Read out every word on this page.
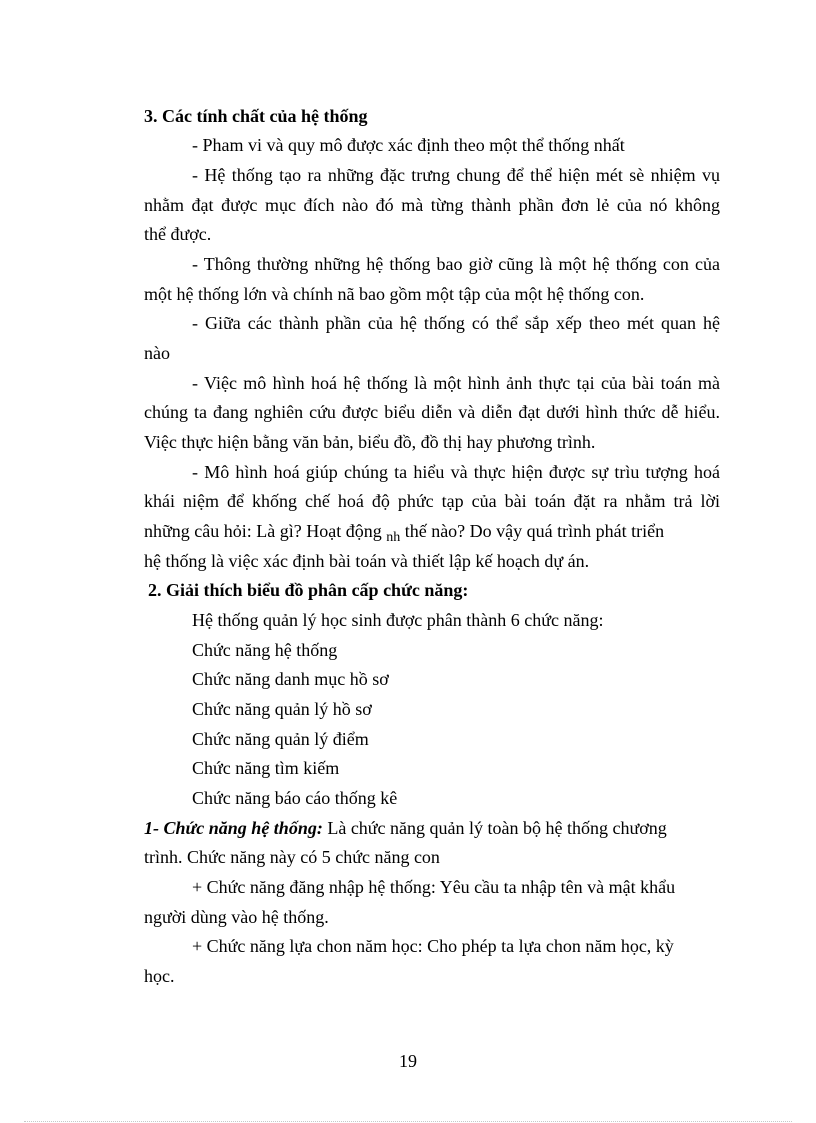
3. Các tính chất của hệ thống
- Pham vi và quy mô được xác định theo một thể thống nhất
- Hệ thống tạo ra những đặc trưng chung để thể hiện mét sè nhiệm vụ
nhằm đạt được mục đích nào đó mà từng thành phần đơn lẻ của nó không
thể được.
- Thông thường những hệ thống bao giờ cũng là một hệ thống con của
một hệ thống lớn và chính nã bao gồm một tập của một hệ thống con.
- Giữa các thành phần của hệ thống có thể sắp xếp theo mét quan hệ
nào
- Việc mô hình hoá hệ thống là một hình ảnh thực tại của bài toán mà
chúng ta đang nghiên cứu được biểu diễn và diễn đạt dưới hình thức dễ hiểu.
Việc thực hiện bằng văn bản, biểu đồ, đồ thị hay phương trình.
- Mô hình hoá giúp chúng ta hiểu và thực hiện được sự trìu tượng hoá
khái niệm để khống chế hoá độ phức tạp của bài toán đặt ra nhằm trả lời
những câu hỏi: Là gì? Hoạt động $_{nh}$ thế nào? Do vậy quá trình phát triển
hệ thống là việc xác định bài toán và thiết lập kế hoạch dự án.
2. Giải thích biểu đồ phân cấp chức năng:
Hệ thống quản lý học sinh được phân thành 6 chức năng:
Chức năng hệ thống
Chức năng danh mục hồ sơ
Chức năng quản lý hồ sơ
Chức năng quản lý điểm
Chức năng tìm kiếm
Chức năng báo cáo thống kê
1- Chức năng hệ thống: Là chức năng quản lý toàn bộ hệ thống chương
trình. Chức năng này có 5 chức năng con
+ Chức năng đăng nhập hệ thống: Yêu cầu ta nhập tên và mật khẩu
người dùng vào hệ thống.
+ Chức năng lựa chon năm học: Cho phép ta lựa chon năm học, kỳ
học.
19
